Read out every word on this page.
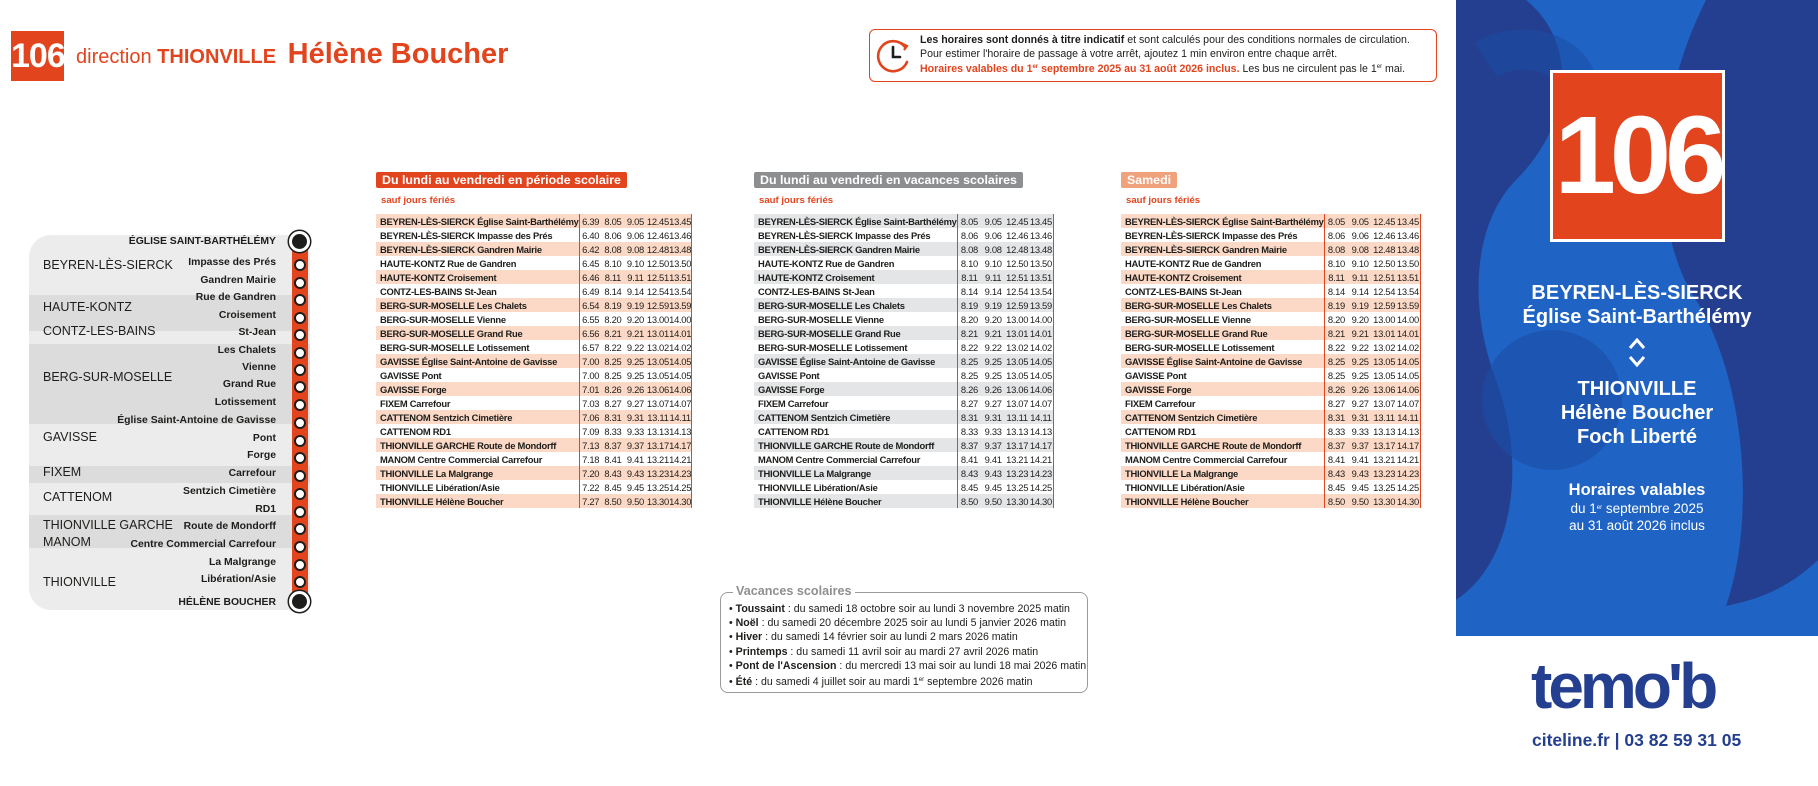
106 direction THIONVILLE Hélène Boucher	Les horaires sont donnés à titre indicatif et sont calculés pour des conditions normales de circulation.
Pour estimer l'horaire de passage à votre arrêt, ajoutez 1 min environ entre chaque arrêt.
Horaires valables du 1er septembre 2025 au 31 août 2026 inclus. Les bus ne circulent pas le 1er mai.
BEYREN-LÈS-SIERCK
HAUTE-KONTZ
CONTZ-LES-BAINS
BERG-SUR-MOSELLE
GAVISSE
FIXEM
CATTENOM
THIONVILLE GARCHE
MANOM
THIONVILLE
Impasse des Prés
Gandren Mairie
Rue de Gandren
Croisement
St-Jean
Les Chalets
Vienne
Grand Rue
Lotissement
Église Saint-Antoine de Gavisse
Pont
Forge
Carrefour
Sentzich Cimetière
RD1
Route de Mondorff
Centre Commercial Carrefour
La Malgrange
Libération/Asie
ÉGLISE SAINT-BARTHÉLÉMY
HÉLÈNE BOUCHER
Du lundi au vendredi en période scolaire
sauf jours fériés
BEYREN-LÈS-SIERCK Église Saint-Barthélémy	6.39	8.05	9.05	12.45	13.45
BEYREN-LÈS-SIERCK Impasse des Prés	6.40	8.06	9.06	12.46	13.46
BEYREN-LÈS-SIERCK Gandren Mairie	6.42	8.08	9.08	12.48	13.48
HAUTE-KONTZ Rue de Gandren	6.45	8.10	9.10	12.50	13.50
HAUTE-KONTZ Croisement	6.46	8.11	9.11	12.51	13.51
CONTZ-LES-BAINS St-Jean	6.49	8.14	9.14	12.54	13.54
BERG-SUR-MOSELLE Les Chalets	6.54	8.19	9.19	12.59	13.59
BERG-SUR-MOSELLE Vienne	6.55	8.20	9.20	13.00	14.00
BERG-SUR-MOSELLE Grand Rue	6.56	8.21	9.21	13.01	14.01
BERG-SUR-MOSELLE Lotissement	6.57	8.22	9.22	13.02	14.02
GAVISSE Église Saint-Antoine de Gavisse	7.00	8.25	9.25	13.05	14.05
GAVISSE Pont	7.00	8.25	9.25	13.05	14.05
GAVISSE Forge	7.01	8.26	9.26	13.06	14.06
FIXEM Carrefour	7.03	8.27	9.27	13.07	14.07
CATTENOM Sentzich Cimetière	7.06	8.31	9.31	13.11	14.11
CATTENOM RD1	7.09	8.33	9.33	13.13	14.13
THIONVILLE GARCHE Route de Mondorff	7.13	8.37	9.37	13.17	14.17
MANOM Centre Commercial Carrefour	7.18	8.41	9.41	13.21	14.21
THIONVILLE La Malgrange	7.20	8.43	9.43	13.23	14.23
THIONVILLE Libération/Asie	7.22	8.45	9.45	13.25	14.25
THIONVILLE Hélène Boucher	7.27	8.50	9.50	13.30	14.30
Du lundi au vendredi en vacances scolaires
sauf jours fériés
BEYREN-LÈS-SIERCK Église Saint-Barthélémy	8.05	9.05	12.45	13.45
BEYREN-LÈS-SIERCK Impasse des Prés	8.06	9.06	12.46	13.46
BEYREN-LÈS-SIERCK Gandren Mairie	8.08	9.08	12.48	13.48
HAUTE-KONTZ Rue de Gandren	8.10	9.10	12.50	13.50
HAUTE-KONTZ Croisement	8.11	9.11	12.51	13.51
CONTZ-LES-BAINS St-Jean	8.14	9.14	12.54	13.54
BERG-SUR-MOSELLE Les Chalets	8.19	9.19	12.59	13.59
BERG-SUR-MOSELLE Vienne	8.20	9.20	13.00	14.00
BERG-SUR-MOSELLE Grand Rue	8.21	9.21	13.01	14.01
BERG-SUR-MOSELLE Lotissement	8.22	9.22	13.02	14.02
GAVISSE Église Saint-Antoine de Gavisse	8.25	9.25	13.05	14.05
GAVISSE Pont	8.25	9.25	13.05	14.05
GAVISSE Forge	8.26	9.26	13.06	14.06
FIXEM Carrefour	8.27	9.27	13.07	14.07
CATTENOM Sentzich Cimetière	8.31	9.31	13.11	14.11
CATTENOM RD1	8.33	9.33	13.13	14.13
THIONVILLE GARCHE Route de Mondorff	8.37	9.37	13.17	14.17
MANOM Centre Commercial Carrefour	8.41	9.41	13.21	14.21
THIONVILLE La Malgrange	8.43	9.43	13.23	14.23
THIONVILLE Libération/Asie	8.45	9.45	13.25	14.25
THIONVILLE Hélène Boucher	8.50	9.50	13.30	14.30
Samedi
sauf jours fériés
BEYREN-LÈS-SIERCK Église Saint-Barthélémy	8.05	9.05	12.45	13.45
BEYREN-LÈS-SIERCK Impasse des Prés	8.06	9.06	12.46	13.46
BEYREN-LÈS-SIERCK Gandren Mairie	8.08	9.08	12.48	13.48
HAUTE-KONTZ Rue de Gandren	8.10	9.10	12.50	13.50
HAUTE-KONTZ Croisement	8.11	9.11	12.51	13.51
CONTZ-LES-BAINS St-Jean	8.14	9.14	12.54	13.54
BERG-SUR-MOSELLE Les Chalets	8.19	9.19	12.59	13.59
BERG-SUR-MOSELLE Vienne	8.20	9.20	13.00	14.00
BERG-SUR-MOSELLE Grand Rue	8.21	9.21	13.01	14.01
BERG-SUR-MOSELLE Lotissement	8.22	9.22	13.02	14.02
GAVISSE Église Saint-Antoine de Gavisse	8.25	9.25	13.05	14.05
GAVISSE Pont	8.25	9.25	13.05	14.05
GAVISSE Forge	8.26	9.26	13.06	14.06
FIXEM Carrefour	8.27	9.27	13.07	14.07
CATTENOM Sentzich Cimetière	8.31	9.31	13.11	14.11
CATTENOM RD1	8.33	9.33	13.13	14.13
THIONVILLE GARCHE Route de Mondorff	8.37	9.37	13.17	14.17
MANOM Centre Commercial Carrefour	8.41	9.41	13.21	14.21
THIONVILLE La Malgrange	8.43	9.43	13.23	14.23
THIONVILLE Libération/Asie	8.45	9.45	13.25	14.25
THIONVILLE Hélène Boucher	8.50	9.50	13.30	14.30
Vacances scolaires
• Toussaint : du samedi 18 octobre soir au lundi 3 novembre 2025 matin
• Noël : du samedi 20 décembre 2025 soir au lundi 5 janvier 2026 matin
• Hiver : du samedi 14 février soir au lundi 2 mars 2026 matin
• Printemps : du samedi 11 avril soir au mardi 27 avril 2026 matin
• Pont de l'Ascension : du mercredi 13 mai soir au lundi 18 mai 2026 matin
• Été : du samedi 4 juillet soir au mardi 1er septembre 2026 matin
106
BEYREN-LÈS-SIERCK
Église Saint-Barthélémy
THIONVILLE
Hélène Boucher
Foch Liberté
Horaires valables
du 1er septembre 2025
au 31 août 2026 inclus
temo'b
citeline.fr | 03 82 59 31 05
